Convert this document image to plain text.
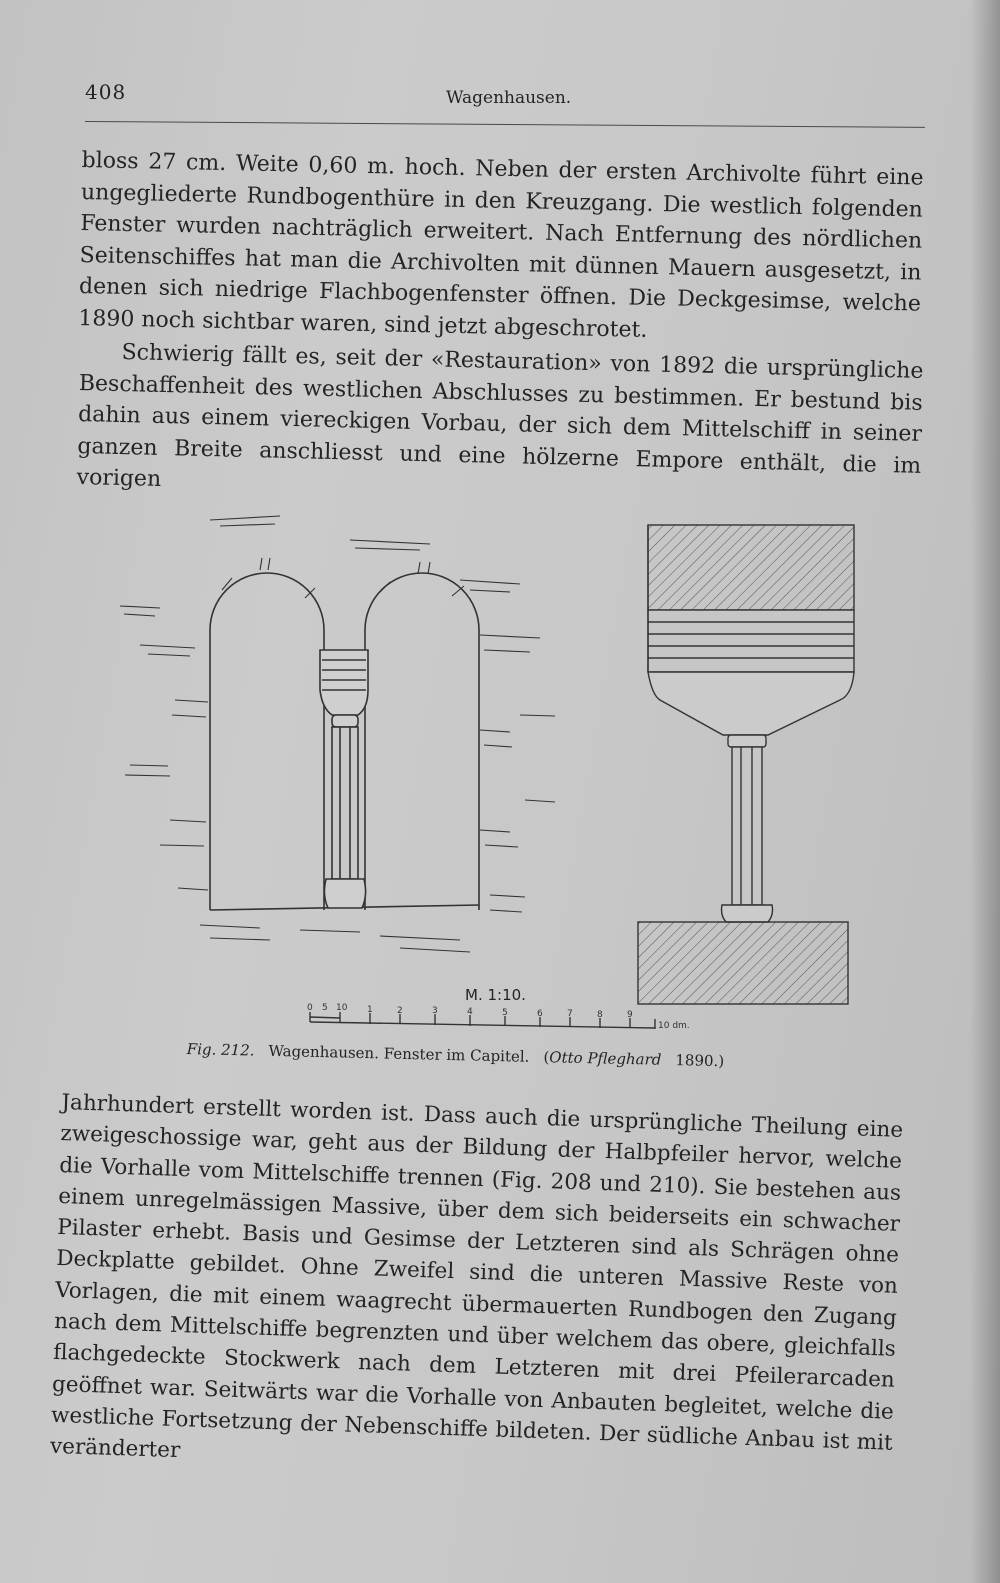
408	Wagenhausen.

bloss 27 cm. Weite 0,60 m. hoch. Neben der ersten Archivolte führt eine ungegliederte Rundbogenthüre in den Kreuzgang. Die westlich folgenden Fenster wurden nachträglich erweitert. Nach Entfernung des nördlichen Seitenschiffes hat man die Archivolten mit dünnen Mauern ausgesetzt, in denen sich niedrige Flachbogenfenster öffnen. Die Deckgesimse, welche 1890 noch sichtbar waren, sind jetzt abgeschrotet.

Schwierig fällt es, seit der «Restauration» von 1892 die ursprüngliche Beschaffenheit des westlichen Abschlusses zu bestimmen. Er bestund bis dahin aus einem viereckigen Vorbau, der sich dem Mittelschiff in seiner ganzen Breite anschliesst und eine hölzerne Empore enthält, die im vorigen

0 5 10 1	2	3	4	5	6	7	8	9
10 dm.
M. 1:10.
Fig. 212. Wagenhausen. Fenster im Capitel. (Otto Pfleghard 1890.)

Jahrhundert erstellt worden ist. Dass auch die ursprüngliche Theilung eine zweigeschossige war, geht aus der Bildung der Halbpfeiler hervor, welche die Vorhalle vom Mittelschiffe trennen (Fig. 208 und 210). Sie bestehen aus einem unregelmässigen Massive, über dem sich beiderseits ein schwacher Pilaster erhebt. Basis und Gesimse der Letzteren sind als Schrägen ohne Deckplatte gebildet. Ohne Zweifel sind die unteren Massive Reste von Vorlagen, die mit einem waagrecht übermauerten Rundbogen den Zugang nach dem Mittelschiffe begrenzten und über welchem das obere, gleichfalls flachgedeckte Stockwerk nach dem Letzteren mit drei Pfeilerarcaden geöffnet war. Seitwärts war die Vorhalle von Anbauten begleitet, welche die westliche Fortsetzung der Nebenschiffe bildeten. Der südliche Anbau ist mit veränderter
